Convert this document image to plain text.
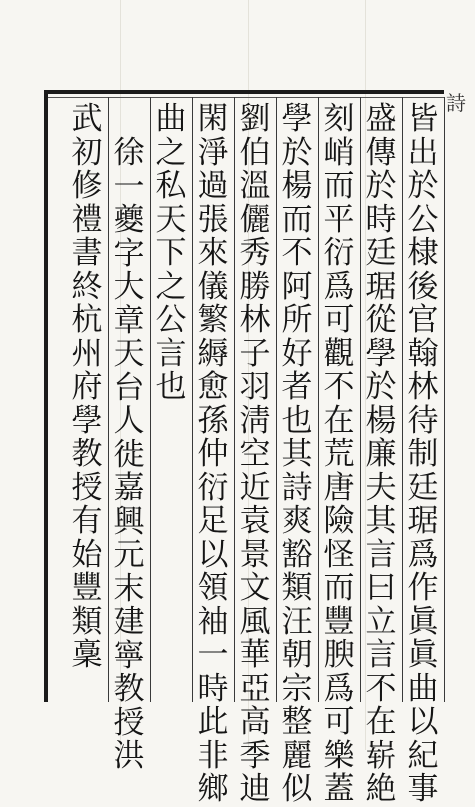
詩
皆
出
於
公
棣
後
官
翰
林
待
制
廷
琚
爲
作
眞
眞
曲
以
紀
事
盛
傳
於
時
廷
琚
從
學
於
楊
廉
夫
其
言
曰
立
言
不
在
崭
絶
刻
峭
而
平
衍
爲
可
觀
不
在
荒
唐
險
怪
而
豐
腴
爲
可
樂
蓋
學
於
楊
而
不
阿
所
好
者
也
其
詩
爽
豁
類
汪
朝
宗
整
麗
似
劉
伯
溫
儷
秀
勝
林
子
羽
淸
空
近
袁
景
文
風
華
亞
高
季
迪
閑
淨
過
張
來
儀
繁
縟
愈
孫
仲
衍
足
以
領
袖
一
時
此
非
鄉
曲
之
私
天
下
之
公
言
也
徐
一
夔
字
大
章
天
台
人
徙
嘉
興
元
末
建
寧
教
授
洪
武
初
修
禮
書
終
杭
州
府
學
教
授
有
始
豐
類
稾
